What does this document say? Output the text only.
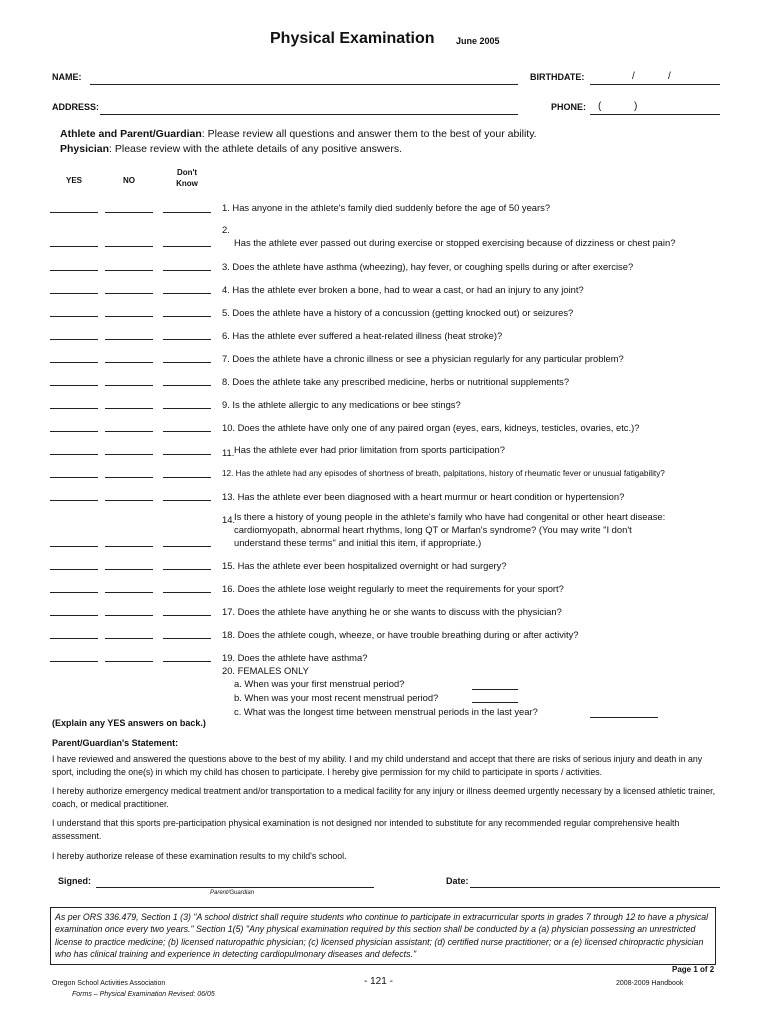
Physical Examination June 2005
NAME:	BIRTHDATE:	/	/
ADDRESS:	PHONE: (	)
Athlete and Parent/Guardian: Please review all questions and answer them to the best of your ability.
Physician: Please review with the athlete details of any positive answers.
YES	NO
Don't
Know
1. Has anyone in the athlete's family died suddenly before the age of 50 years?
2.
Has the athlete ever passed out during exercise or stopped exercising because of dizziness or chest pain?
3. Does the athlete have asthma (wheezing), hay fever, or coughing spells during or after exercise?
4. Has the athlete ever broken a bone, had to wear a cast, or had an injury to any joint?
5. Does the athlete have a history of a concussion (getting knocked out) or seizures?
6. Has the athlete ever suffered a heat-related illness (heat stroke)?
7. Does the athlete have a chronic illness or see a physician regularly for any particular problem?
8. Does the athlete take any prescribed medicine, herbs or nutritional supplements?
9. Is the athlete allergic to any medications or bee stings?
10. Does the athlete have only one of any paired organ (eyes, ears, kidneys, testicles, ovaries, etc.)?
11. Has the athlete ever had prior limitation from sports participation?
12. Has the athlete had any episodes of shortness of breath, palpitations, history of rheumatic fever or unusual fatigability?
13. Has the athlete ever been diagnosed with a heart murmur or heart condition or hypertension?
14.
Is there a history of young people in the athlete's family who have had congenital or other heart disease:
cardiomyopath, abnormal heart rhythms, long QT or Marfan's syndrome? (You may write "I don't
understand these terms" and initial this item, if appropriate.)
15. Has the athlete ever been hospitalized overnight or had surgery?
16. Does the athlete lose weight regularly to meet the requirements for your sport?
17. Does the athlete have anything he or she wants to discuss with the physician?
18. Does the athlete cough, wheeze, or have trouble breathing during or after activity?
19. Does the athlete have asthma?
20. FEMALES ONLY
a. When was your first menstrual period?
b. When was your most recent menstrual period?
c. What was the longest time between menstrual periods in the last year?
(Explain any YES answers on back.)
Parent/Guardian's Statement:
I have reviewed and answered the questions above to the best of my ability. I and my child understand and accept that there are risks of serious injury and death in any sport, including the one(s) in which my child has chosen to participate. I hereby give permission for my child to participate in sports / activities.
I hereby authorize emergency medical treatment and/or transportation to a medical facility for any injury or illness deemed urgently necessary by a licensed athletic trainer, coach, or medical practitioner.
I understand that this sports pre-participation physical examination is not designed nor intended to substitute for any recommended regular comprehensive health assessment.
I hereby authorize release of these examination results to my child's school.
Signed:
Parent/Guardian
Date:
As per ORS 336.479, Section 1 (3) "A school district shall require students who continue to participate in extracurricular sports in grades 7 through 12 to have a physical examination once every two years." Section 1(5) "Any physical examination required by this section shall be conducted by a (a) physician possessing an unrestricted license to practice medicine; (b) licensed naturopathic physician; (c) licensed physician assistant; (d) certified nurse practitioner; or a (e) licensed chiropractic physician who has clinical training and experience in detecting cardiopulmonary diseases and defects."
Page 1 of 2
Oregon School Activities Association
Forms – Physical Examination Revised: 06/05
- 121 -	2008-2009 Handbook
